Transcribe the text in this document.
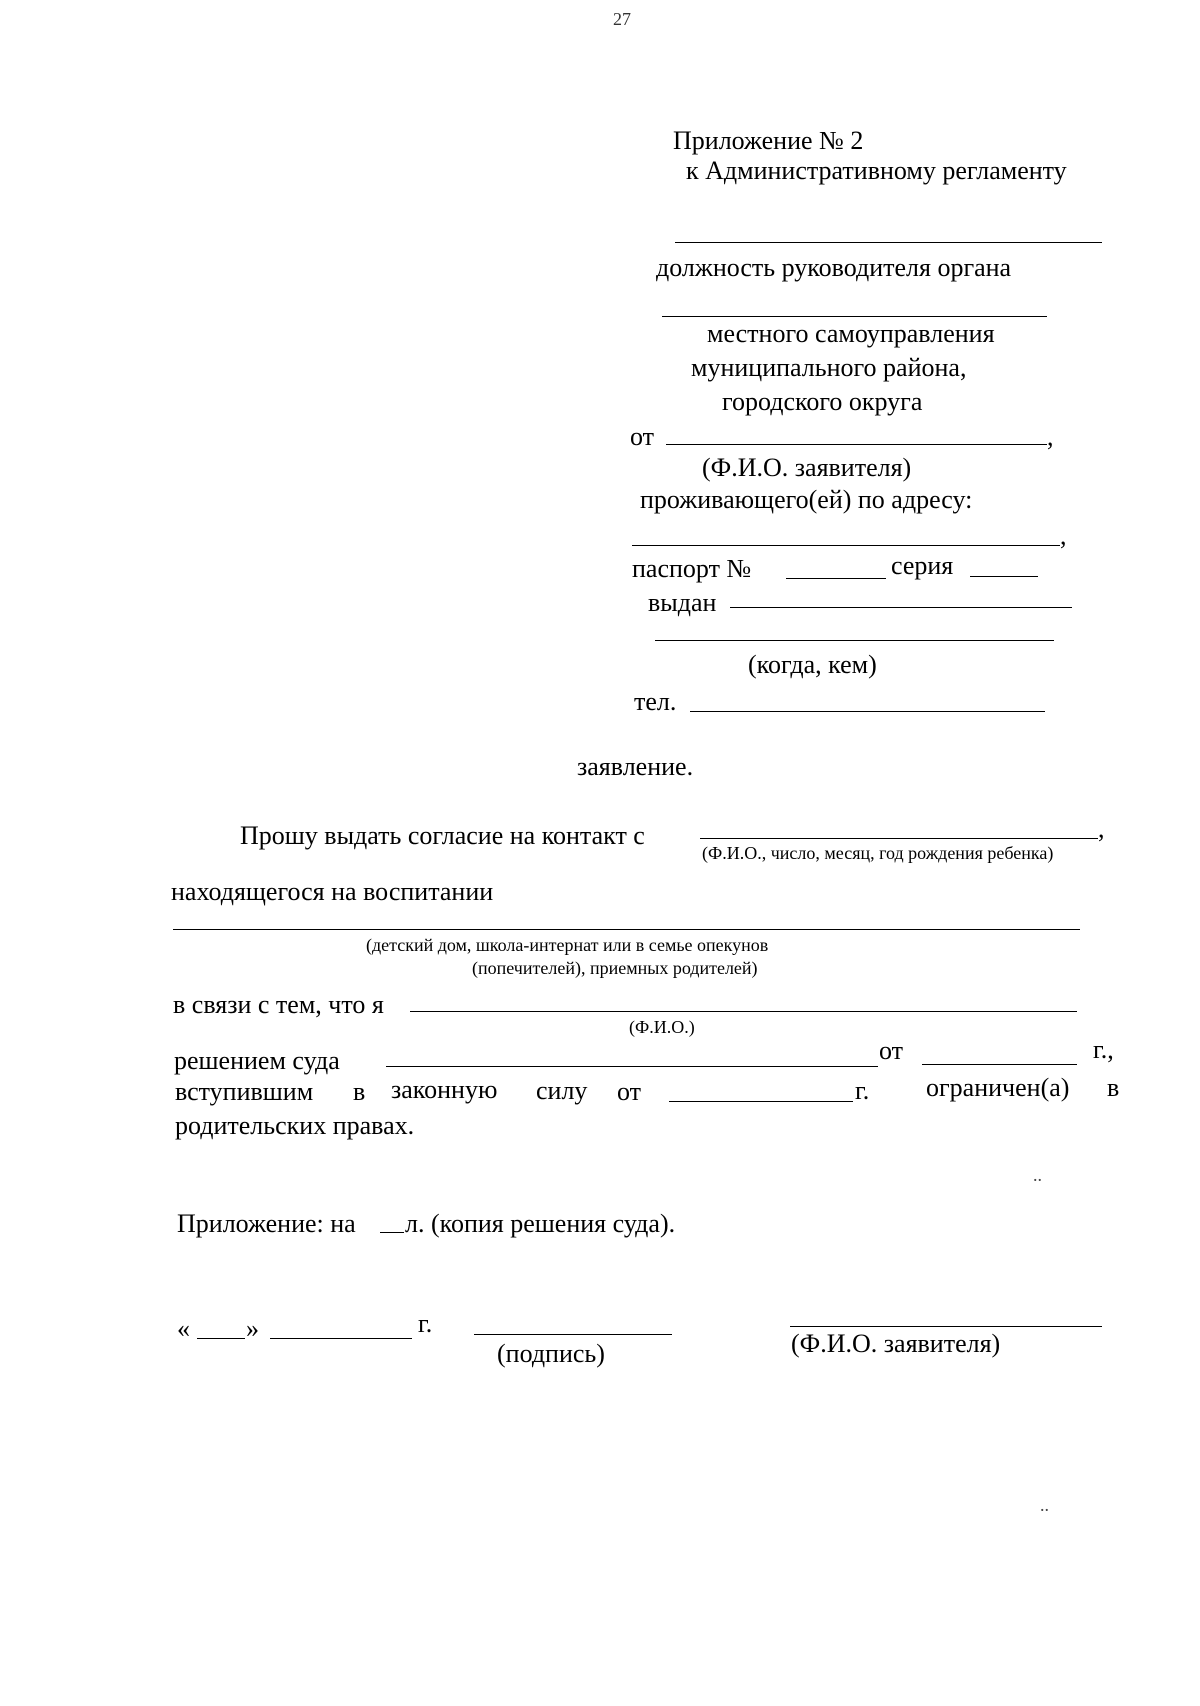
27
Приложение № 2
к Административному регламенту
должность руководителя органа
местного самоуправления
муниципального района,
городского округа
от	,
(Ф.И.О. заявителя)
проживающего(ей) по адресу:
,
паспорт №	серия
выдан
(когда, кем)
тел.
заявление.
Прошу выдать согласие на контакт с	,
(Ф.И.О., число, месяц, год рождения ребенка)
находящегося на воспитании
(детский дом, школа-интернат или в семье опекунов
(попечителей), приемных родителей)
в связи с тем, что я
(Ф.И.О.)
решением суда	от	г.,
вступившим в законную силу от	г. ограничен(а) в
родительских правах.
..
Приложение: на л. (копия решения суда).
« »	г.
(подпись)	(Ф.И.О. заявителя)
..
